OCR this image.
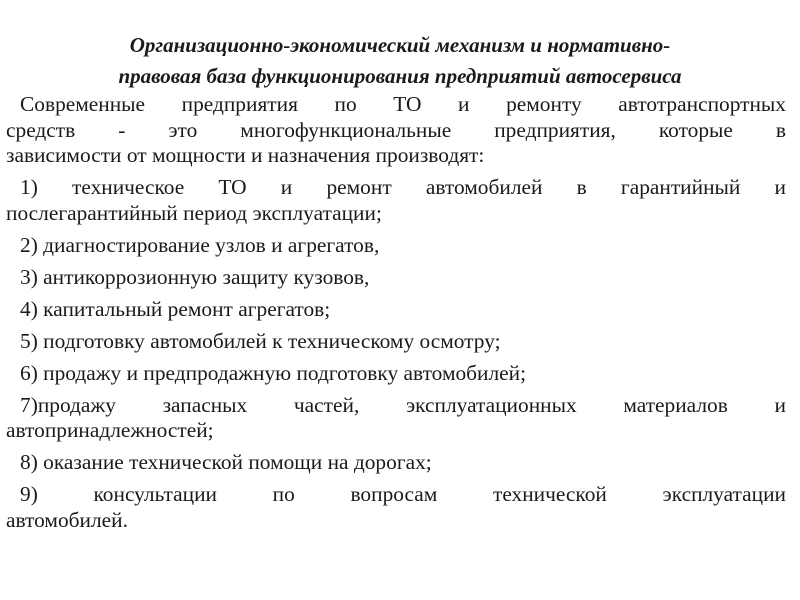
Организационно-экономический механизм и нормативно-
правовая база функционирования предприятий автосервиса
Современные предприятия по ТО и ремонту автотранспортных
средств - это многофункциональные предприятия, которые в
зависимости от мощности и назначения производят:
1) техническое ТО и ремонт автомобилей в гарантийный и
послегарантийный период эксплуатации;
2) диагностирование узлов и агрегатов,
3) антикоррозионную защиту кузовов,
4) капитальный ремонт агрегатов;
5) подготовку автомобилей к техническому осмотру;
6) продажу и предпродажную подготовку автомобилей;
7)продажу запасных частей, эксплуатационных материалов и
автопринадлежностей;
8) оказание технической помощи на дорогах;
9) консультации по вопросам технической эксплуатации
автомобилей.
